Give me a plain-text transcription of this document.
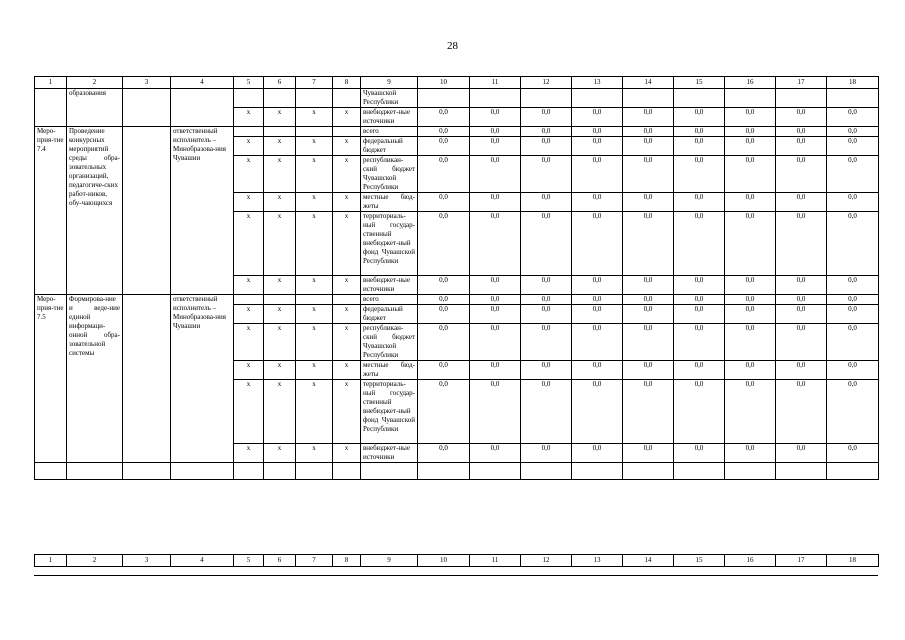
28
1	2	3	4	5	6	7	8	9	10	11	12	13	14	15	16	17	18
	образования							Чувашской Республики									
				х	х	х	х	внебюджет-ные источники	0,0	0,0	0,0	0,0	0,0	0,0	0,0	0,0	0,0
Меро-прия-тие 7.4	Проведение конкурсных мероприятий среды обра-зовательных организаций, педагогиче-ских работ-ников, обу-чающихся		ответственный исполнитель – Минобразова-ния Чувашии					всего	0,0	0,0	0,0	0,0	0,0	0,0	0,0	0,0	0,0
				х	х	х	х	федеральный бюджет	0,0	0,0	0,0	0,0	0,0	0,0	0,0	0,0	0,0
				х	х	х	х	республикан-ский бюджет Чувашской Республики	0,0	0,0	0,0	0,0	0,0	0,0	0,0	0,0	0,0
				х	х	х	х	местные бюд-жеты	0,0	0,0	0,0	0,0	0,0	0,0	0,0	0,0	0,0
				х	х	х	х	территориаль-ный государ-ственный внебюджет-ный фонд Чувашской Республики	0,0	0,0	0,0	0,0	0,0	0,0	0,0	0,0	0,0
				х	х	х	х	внебюджет-ные источники	0,0	0,0	0,0	0,0	0,0	0,0	0,0	0,0	0,0
Меро-прия-тие 7.5	Формирова-ние и веде-ние единой информаци-онной обра-зовательной системы		ответственный исполнитель – Минобразова-ния Чувашии					всего	0,0	0,0	0,0	0,0	0,0	0,0	0,0	0,0	0,0
				х	х	х	х	федеральный бюджет	0,0	0,0	0,0	0,0	0,0	0,0	0,0	0,0	0,0
				х	х	х	х	республикан-ский бюджет Чувашской Республики	0,0	0,0	0,0	0,0	0,0	0,0	0,0	0,0	0,0
				х	х	х	х	местные бюд-жеты	0,0	0,0	0,0	0,0	0,0	0,0	0,0	0,0	0,0
				х	х	х	х	территориаль-ный государ-ственный внебюджет-ный фонд Чувашской Республики	0,0	0,0	0,0	0,0	0,0	0,0	0,0	0,0	0,0
				х	х	х	х	внебюджет-ные источники	0,0	0,0	0,0	0,0	0,0	0,0	0,0	0,0	0,0

1	2	3	4	5	6	7	8	9	10	11	12	13	14	15	16	17	18
